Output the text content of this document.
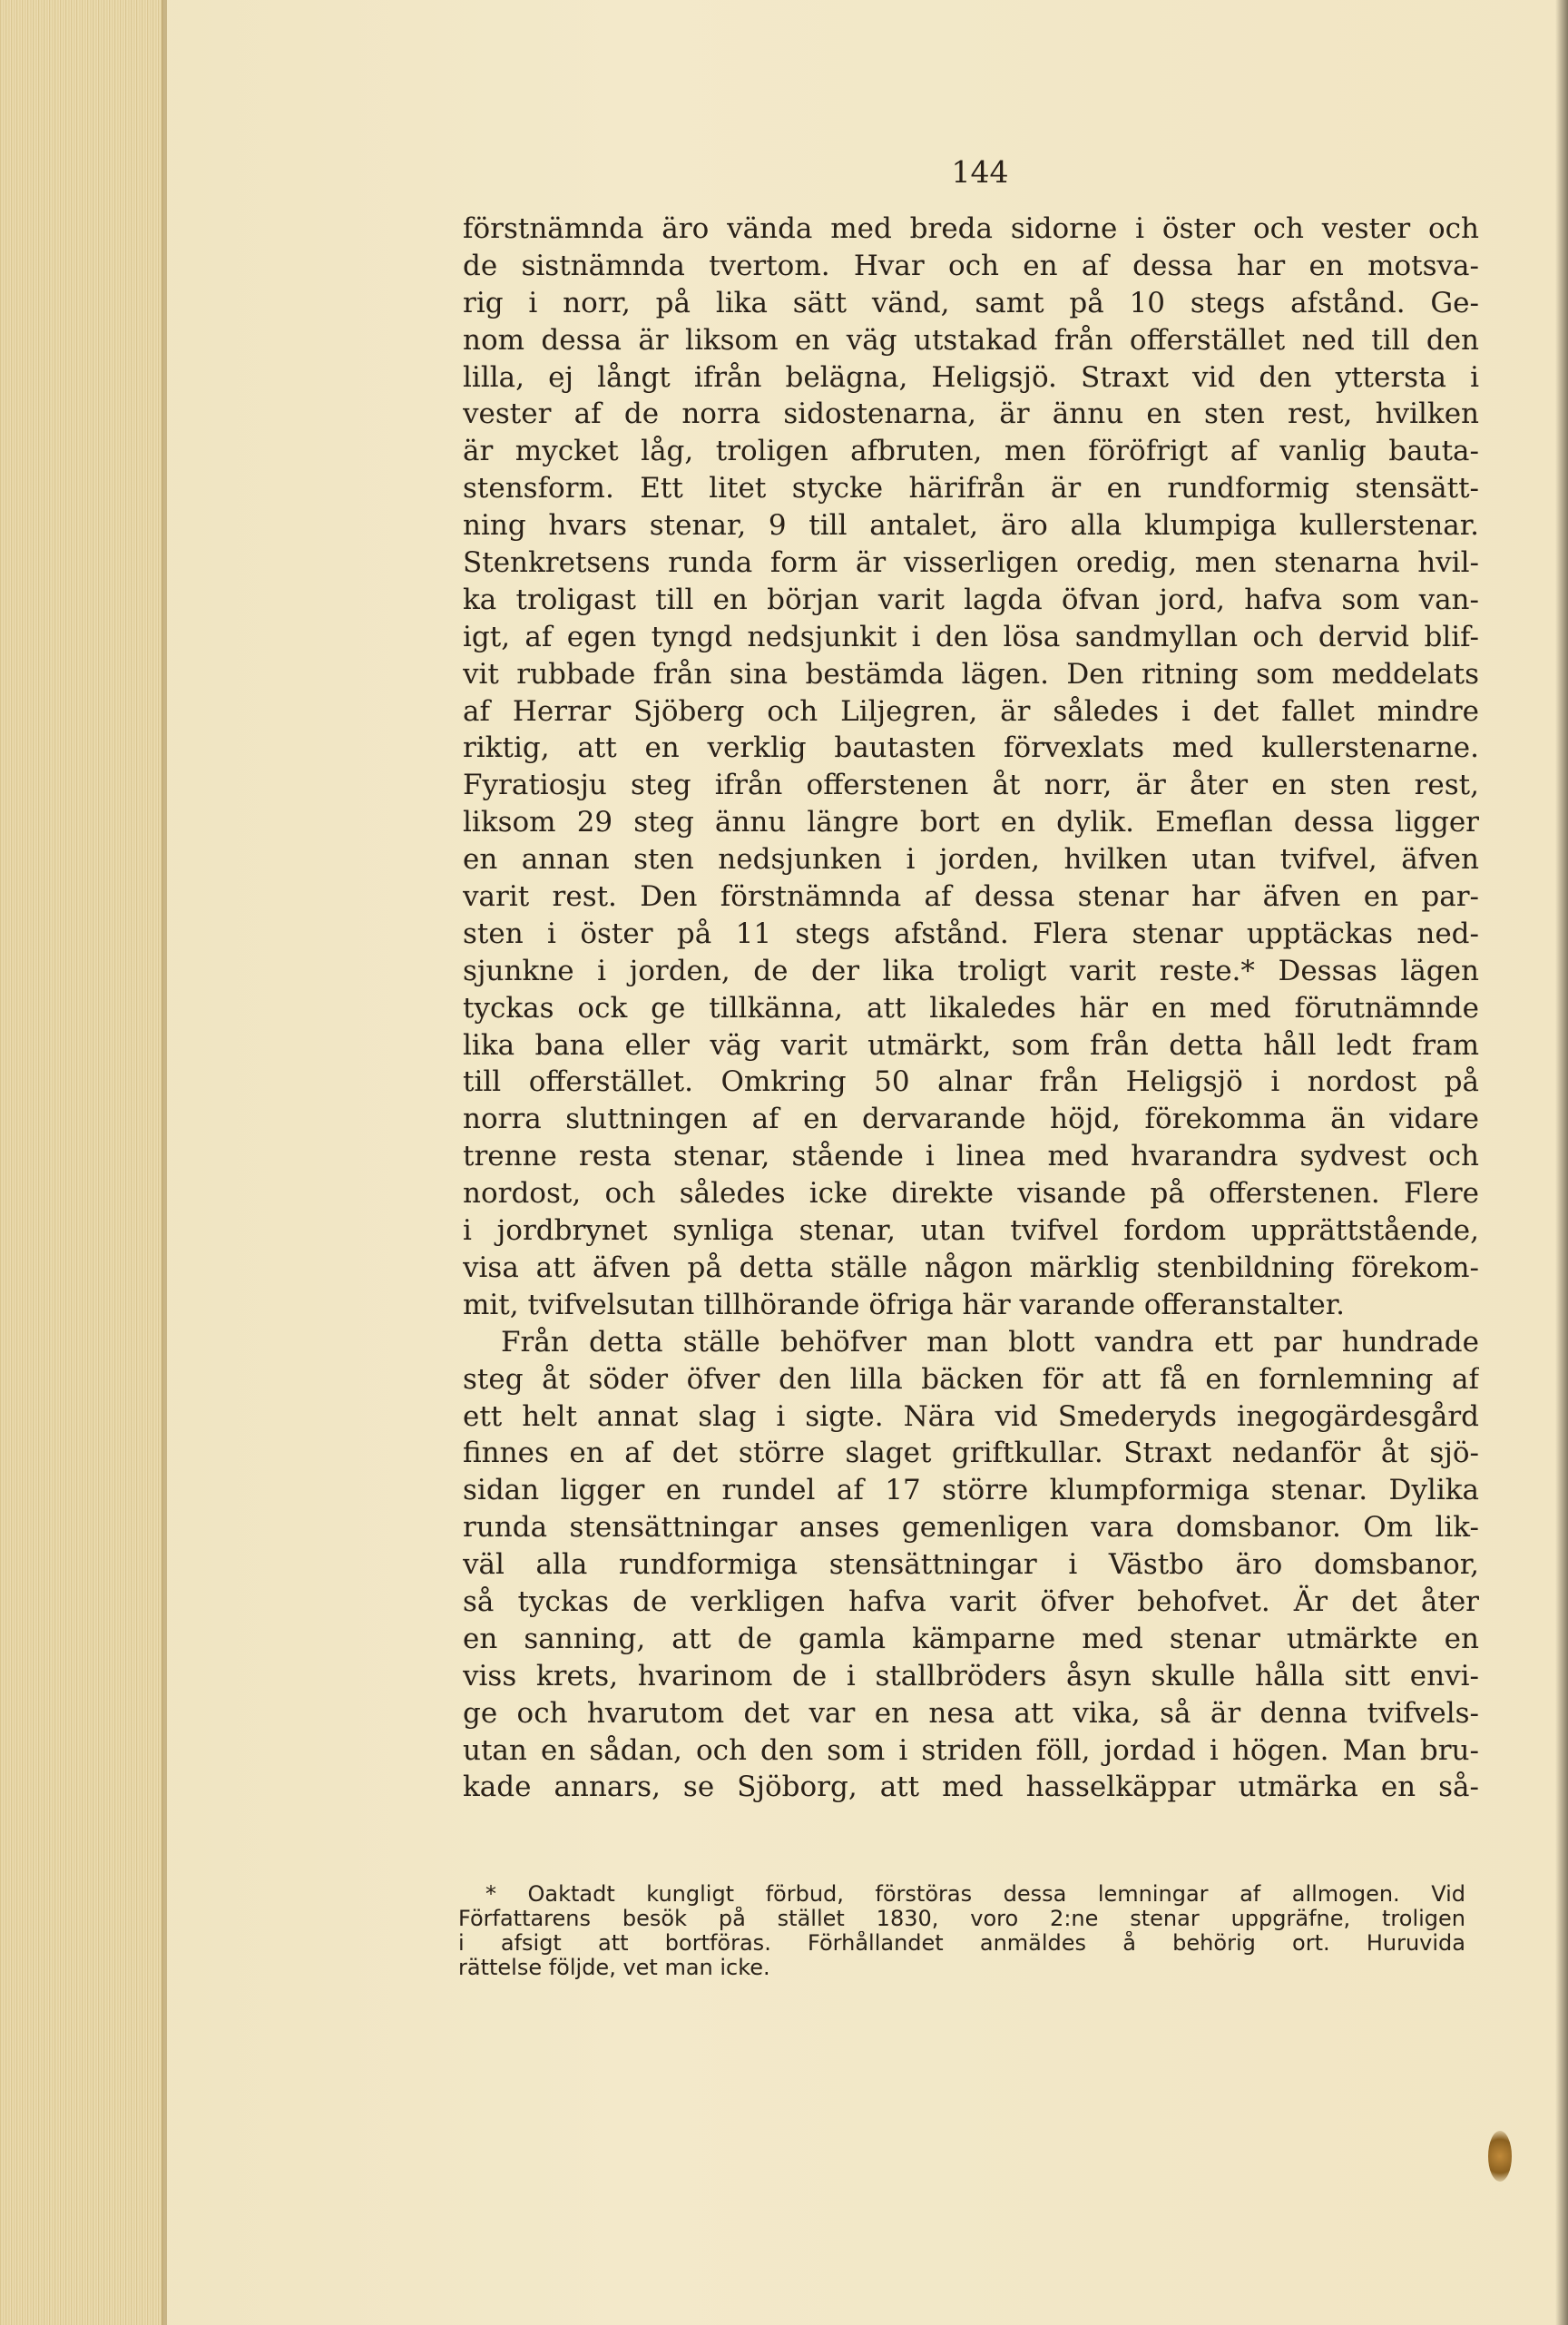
144
förstnämnda äro vända med breda sidorne i öster och vester och
de sistnämnda tvertom. Hvar och en af dessa har en motsva-
rig i norr, på lika sätt vänd, samt på 10 stegs afstånd. Ge-
nom dessa är liksom en väg utstakad från offerstället ned till den
lilla, ej långt ifrån belägna, Heligsjö. Straxt vid den yttersta i
vester af de norra sidostenarna, är ännu en sten rest, hvilken
är mycket låg, troligen afbruten, men föröfrigt af vanlig bauta-
stensform. Ett litet stycke härifrån är en rundformig stensätt-
ning hvars stenar, 9 till antalet, äro alla klumpiga kullerstenar.
Stenkretsens runda form är visserligen oredig, men stenarna hvil-
ka troligast till en början varit lagda öfvan jord, hafva som van-
igt, af egen tyngd nedsjunkit i den lösa sandmyllan och dervid blif-
vit rubbade från sina bestämda lägen. Den ritning som meddelats
af Herrar Sjöberg och Liljegren, är således i det fallet mindre
riktig, att en verklig bautasten förvexlats med kullerstenarne.
Fyratiosju steg ifrån offerstenen åt norr, är åter en sten rest,
liksom 29 steg ännu längre bort en dylik. Emeflan dessa ligger
en annan sten nedsjunken i jorden, hvilken utan tvifvel, äfven
varit rest. Den förstnämnda af dessa stenar har äfven en par-
sten i öster på 11 stegs afstånd. Flera stenar upptäckas ned-
sjunkne i jorden, de der lika troligt varit reste.* Dessas lägen
tyckas ock ge tillkänna, att likaledes här en med förutnämnde
lika bana eller väg varit utmärkt, som från detta håll ledt fram
till offerstället. Omkring 50 alnar från Heligsjö i nordost på
norra sluttningen af en dervarande höjd, förekomma än vidare
trenne resta stenar, stående i linea med hvarandra sydvest och
nordost, och således icke direkte visande på offerstenen. Flere
i jordbrynet synliga stenar, utan tvifvel fordom upprättstående,
visa att äfven på detta ställe någon märklig stenbildning förekom-
mit, tvifvelsutan tillhörande öfriga här varande offeranstalter.
Från detta ställe behöfver man blott vandra ett par hundrade
steg åt söder öfver den lilla bäcken för att få en fornlemning af
ett helt annat slag i sigte. Nära vid Smederyds inegogärdesgård
finnes en af det större slaget griftkullar. Straxt nedanför åt sjö-
sidan ligger en rundel af 17 större klumpformiga stenar. Dylika
runda stensättningar anses gemenligen vara domsbanor. Om lik-
väl alla rundformiga stensättningar i Västbo äro domsbanor,
så tyckas de verkligen hafva varit öfver behofvet. Är det åter
en sanning, att de gamla kämparne med stenar utmärkte en
viss krets, hvarinom de i stallbröders åsyn skulle hålla sitt envi-
ge och hvarutom det var en nesa att vika, så är denna tvifvels-
utan en sådan, och den som i striden föll, jordad i högen. Man bru-
kade annars, se Sjöborg, att med hasselkäppar utmärka en så-
* Oaktadt kungligt förbud, förstöras dessa lemningar af allmogen. Vid
Författarens besök på stället 1830, voro 2:ne stenar uppgräfne, troligen
i afsigt att bortföras. Förhållandet anmäldes å behörig ort. Huruvida
rättelse följde, vet man icke.
